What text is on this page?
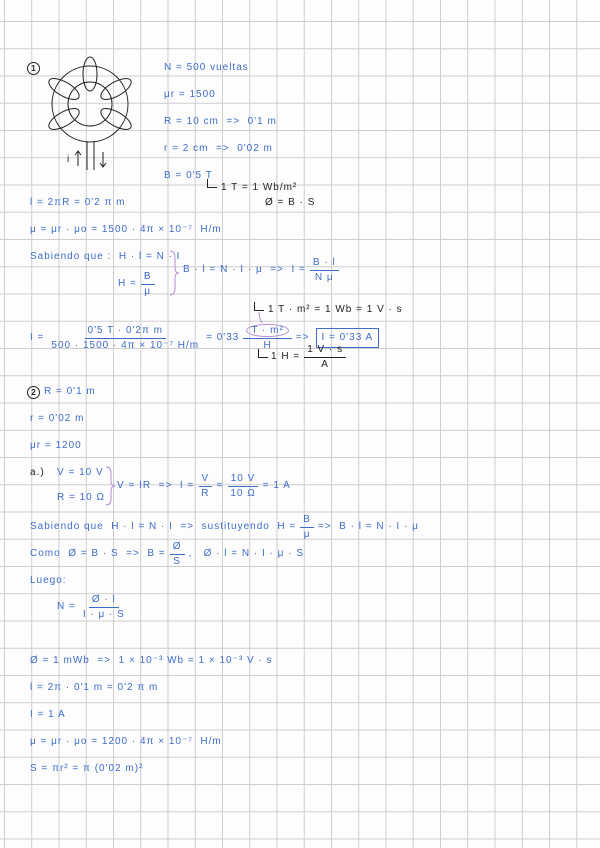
1
i
N = 500 vueltas
μr = 1500
R = 10 cm  =>  0'1 m
r = 2 cm  =>  0'02 m
B = 0'5 T
1 T = 1 Wb/m²
Ø = B · S
l = 2πR = 0'2 π m
μ = μr · μo = 1500 · 4π × 10⁻⁷  H/m
Sabiendo que :  H · l = N · I
$H = \frac{B}{\mu}$
$B \cdot l = N \cdot I \cdot \mu => I = \frac{B \cdot l}{\text{N μ}}$
1 T · m² = 1 Wb = 1 V · s
$I = \frac{\text{0'5 T · 0'2π m}}{\text{500 · 1500 · 4π × 10⁻⁷ H/m}} = 0'33 \frac{\text{T · m²}}{H}$ =>	I = 0'33 A
1 $H = \frac{1 V \cdot s}{A}$
2 R = 0'1 m
r = 0'02 m
μr = 1200
a.) V = 10 V
R = 10 Ω
V = IR  =>  $I = \frac{V}{R} = \frac{10 V}{10 \Omega} = 1$ A
Sabiendo que  H · l = N · I  =>  sustituyendo  $H = \frac{B}{\mu} => B \cdot l = N \cdot I \cdot \mu$
Como  Ø = $B \cdot S => B = \frac{Ø}{S}$ ,   Ø · l = N · I · μ · S
Luego:
$N = \frac{Ø \cdot l}{I \cdot \mu \cdot S}$
Ø = 1 mWb  =>  1 × 10⁻³ Wb = 1 × 10⁻³ V · s
l = 2π · 0'1 m = 0'2 π m
I = 1 A
μ = μr · μo = 1200 · 4π × 10⁻⁷  H/m
S = πr² = π (0'02 m)²
